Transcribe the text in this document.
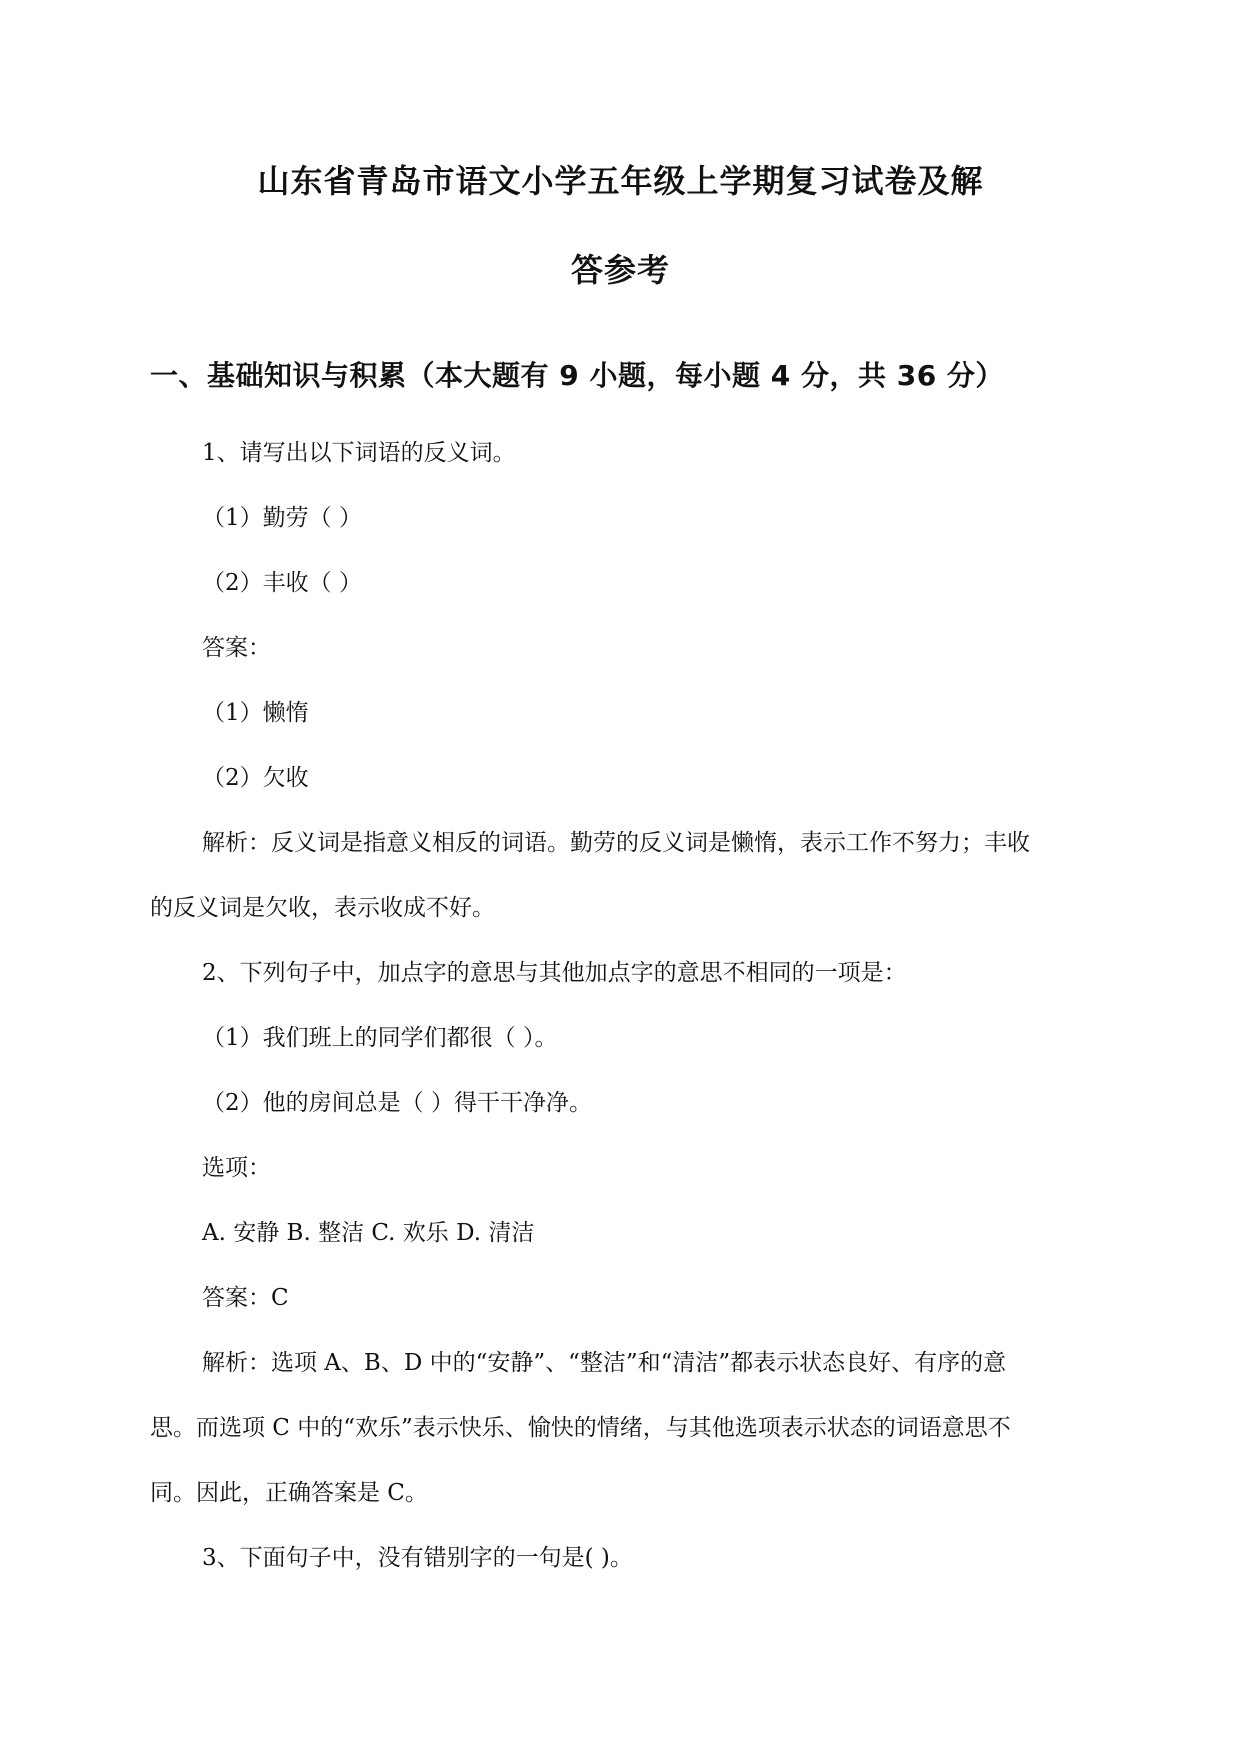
山东省青岛市语文小学五年级上学期复习试卷及解
答参考
一、基础知识与积累（本大题有 9 小题，每小题 4 分，共 36 分）
1、请写出以下词语的反义词。
（1）勤劳（ ）
（2）丰收（ ）
答案：
（1）懒惰
（2）欠收
解析：反义词是指意义相反的词语。勤劳的反义词是懒惰，表示工作不努力；丰收
的反义词是欠收，表示收成不好。
2、下列句子中，加点字的意思与其他加点字的意思不相同的一项是：
（1）我们班上的同学们都很（ ）。
（2）他的房间总是（ ）得干干净净。
选项：
A. 安静 B. 整洁 C. 欢乐 D. 清洁
答案：C
解析：选项 A、B、D 中的“安静”、“整洁”和“清洁”都表示状态良好、有序的意
思。而选项 C 中的“欢乐”表示快乐、愉快的情绪，与其他选项表示状态的词语意思不
同。因此，正确答案是 C。
3、下面句子中，没有错别字的一句是( )。
